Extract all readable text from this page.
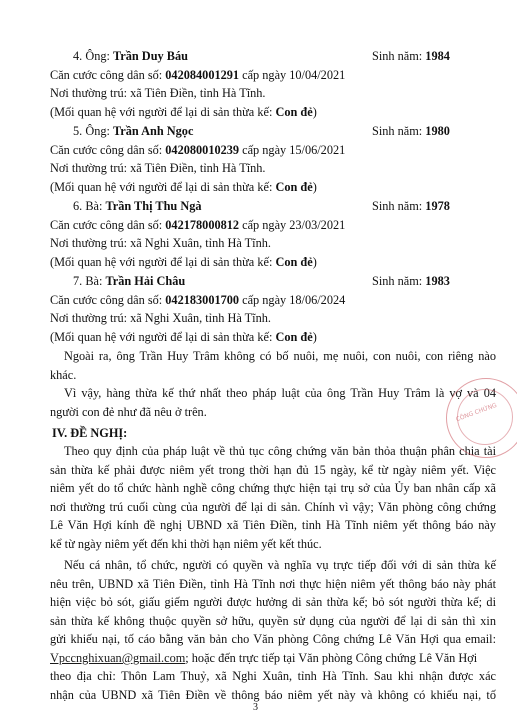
4. Ông: Trần Duy Báu	Sinh năm: 1984
Căn cước công dân số: 042084001291 cấp ngày 10/04/2021
Nơi thường trú: xã Tiên Điền, tỉnh Hà Tĩnh.
(Mối quan hệ với người để lại di sản thừa kế: Con đẻ)
5. Ông: Trần Anh Ngọc	Sinh năm: 1980
Căn cước công dân số: 042080010239 cấp ngày 15/06/2021
Nơi thường trú: xã Tiên Điền, tỉnh Hà Tĩnh.
(Mối quan hệ với người để lại di sản thừa kế: Con đẻ)
6. Bà: Trần Thị Thu Ngà	Sinh năm: 1978
Căn cước công dân số: 042178000812 cấp ngày 23/03/2021
Nơi thường trú: xã Nghi Xuân, tỉnh Hà Tĩnh.
(Mối quan hệ với người để lại di sản thừa kế: Con đẻ)
7. Bà: Trần Hải Châu	Sinh năm: 1983
Căn cước công dân số: 042183001700 cấp ngày 18/06/2024
Nơi thường trú: xã Nghi Xuân, tỉnh Hà Tĩnh.
(Mối quan hệ với người để lại di sản thừa kế: Con đẻ)
Ngoài ra, ông Trần Huy Trâm không có bố nuôi, mẹ nuôi, con nuôi, con riêng nào
khác.
Vì vậy, hàng thừa kế thứ nhất theo pháp luật của ông Trần Huy Trâm là vợ và 04
người con đẻ như đã nêu ở trên.
IV. ĐỀ NGHỊ:
Theo quy định của pháp luật về thủ tục công chứng văn bản thỏa thuận phân chia tài
sản thừa kế phải được niêm yết trong thời hạn đủ 15 ngày, kể từ ngày niêm yết. Việc
niêm yết do tổ chức hành nghề công chứng thực hiện tại trụ sở của Ủy ban nhân cấp xã
nơi thường trú cuối cùng của người để lại di sản. Chính vì vậy; Văn phòng công chứng
Lê Văn Hợi kính đề nghị UBND xã Tiên Điền, tỉnh Hà Tĩnh niêm yết thông báo này
kể từ ngày niêm yết đến khi thời hạn niêm yết kết thúc.
Nếu cá nhân, tổ chức, người có quyền và nghĩa vụ trực tiếp đối với di sản thừa kế
nêu trên, UBND xã Tiên Điền, tỉnh Hà Tĩnh nơi thực hiện niêm yết thông báo này phát
hiện việc bỏ sót, giấu giếm người được hưởng di sản thừa kế; bỏ sót người thừa kế; di
sản thừa kế không thuộc quyền sở hữu, quyền sử dụng của người để lại di sản thì xin
gửi khiếu nại, tố cáo bằng văn bản cho Văn phòng Công chứng Lê Văn Hợi qua email:
Vpccnghixuan@gmail.com; hoặc đến trực tiếp tại Văn phòng Công chứng Lê Văn Hợi
theo địa chỉ: Thôn Lam Thuỷ, xã Nghi Xuân, tỉnh Hà Tĩnh. Sau khi nhận được xác
nhận của UBND xã Tiên Điền về thông báo niêm yết này và không có khiếu nại, tố
CÔNG CHỨNG
3
